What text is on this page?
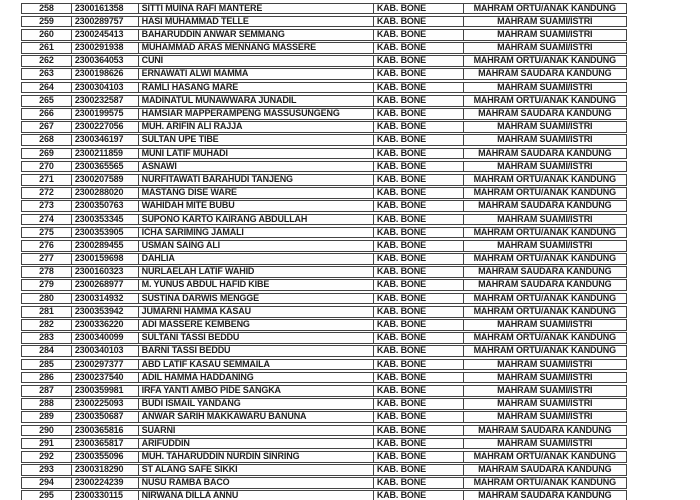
258	2300161358	SITTI MUINA RAFI MANTERE	KAB. BONE	MAHRAM ORTU/ANAK KANDUNG
259	2300289757	HASI MUHAMMAD TELLE	KAB. BONE	MAHRAM SUAMI/ISTRI
260	2300245413	BAHARUDDIN ANWAR SEMMANG	KAB. BONE	MAHRAM SUAMI/ISTRI
261	2300291938	MUHAMMAD ARAS MENNANG MASSERE	KAB. BONE	MAHRAM SUAMI/ISTRI
262	2300364053	CUNI	KAB. BONE	MAHRAM ORTU/ANAK KANDUNG
263	2300198626	ERNAWATI ALWI MAMMA	KAB. BONE	MAHRAM SAUDARA KANDUNG
264	2300304103	RAMLI HASANG MARE	KAB. BONE	MAHRAM SUAMI/ISTRI
265	2300232587	MADINATUL MUNAWWARA JUNADIL	KAB. BONE	MAHRAM ORTU/ANAK KANDUNG
266	2300199575	HAMSIAR MAPPERAMPENG MASSUSUNGENG	KAB. BONE	MAHRAM SAUDARA KANDUNG
267	2300227056	MUH. ARIFIN ALI RAJJA	KAB. BONE	MAHRAM SUAMI/ISTRI
268	2300346197	SULTAN UPE TIBE	KAB. BONE	MAHRAM SUAMI/ISTRI
269	2300211859	MUNI LATIF MUHADI	KAB. BONE	MAHRAM SAUDARA KANDUNG
270	2300365565	ASNAWI	KAB. BONE	MAHRAM SUAMI/ISTRI
271	2300207589	NURFITAWATI BARAHUDI TANJENG	KAB. BONE	MAHRAM ORTU/ANAK KANDUNG
272	2300288020	MASTANG DISE WARE	KAB. BONE	MAHRAM ORTU/ANAK KANDUNG
273	2300350763	WAHIDAH MITE BUBU	KAB. BONE	MAHRAM SAUDARA KANDUNG
274	2300353345	SUPONO KARTO KAIRANG ABDULLAH	KAB. BONE	MAHRAM SUAMI/ISTRI
275	2300353905	ICHA SARIMING JAMALI	KAB. BONE	MAHRAM ORTU/ANAK KANDUNG
276	2300289455	USMAN SAING ALI	KAB. BONE	MAHRAM SUAMI/ISTRI
277	2300159698	DAHLIA	KAB. BONE	MAHRAM ORTU/ANAK KANDUNG
278	2300160323	NURLAELAH LATIF WAHID	KAB. BONE	MAHRAM SAUDARA KANDUNG
279	2300268977	M. YUNUS ABDUL HAFID KIBE	KAB. BONE	MAHRAM SAUDARA KANDUNG
280	2300314932	SUSTINA DARWIS MENGGE	KAB. BONE	MAHRAM ORTU/ANAK KANDUNG
281	2300353942	JUMARNI HAMMA KASAU	KAB. BONE	MAHRAM ORTU/ANAK KANDUNG
282	2300336220	ADI MASSERE KEMBENG	KAB. BONE	MAHRAM SUAMI/ISTRI
283	2300340099	SULTANI TASSI BEDDU	KAB. BONE	MAHRAM ORTU/ANAK KANDUNG
284	2300340103	BARNI TASSI BEDDU	KAB. BONE	MAHRAM ORTU/ANAK KANDUNG
285	2300297377	ABD LATIF KASAU SEMMAILA	KAB. BONE	MAHRAM SUAMI/ISTRI
286	2300237540	ADIL HAMMA HADDANING	KAB. BONE	MAHRAM SUAMI/ISTRI
287	2300359981	IRFA YANTI AMBO PIDE SANGKA	KAB. BONE	MAHRAM SUAMI/ISTRI
288	2300225093	BUDI ISMAIL YANDANG	KAB. BONE	MAHRAM SUAMI/ISTRI
289	2300350687	ANWAR SARIH MAKKAWARU BANUNA	KAB. BONE	MAHRAM SUAMI/ISTRI
290	2300365816	SUARNI	KAB. BONE	MAHRAM SAUDARA KANDUNG
291	2300365817	ARIFUDDIN	KAB. BONE	MAHRAM SUAMI/ISTRI
292	2300355096	MUH. TAHARUDDIN NURDIN SINRING	KAB. BONE	MAHRAM ORTU/ANAK KANDUNG
293	2300318290	ST ALANG SAFE SIKKI	KAB. BONE	MAHRAM SAUDARA KANDUNG
294	2300224239	NUSU RAMBA BACO	KAB. BONE	MAHRAM ORTU/ANAK KANDUNG
295	2300330115	NIRWANA DILLA ANNU	KAB. BONE	MAHRAM SAUDARA KANDUNG
